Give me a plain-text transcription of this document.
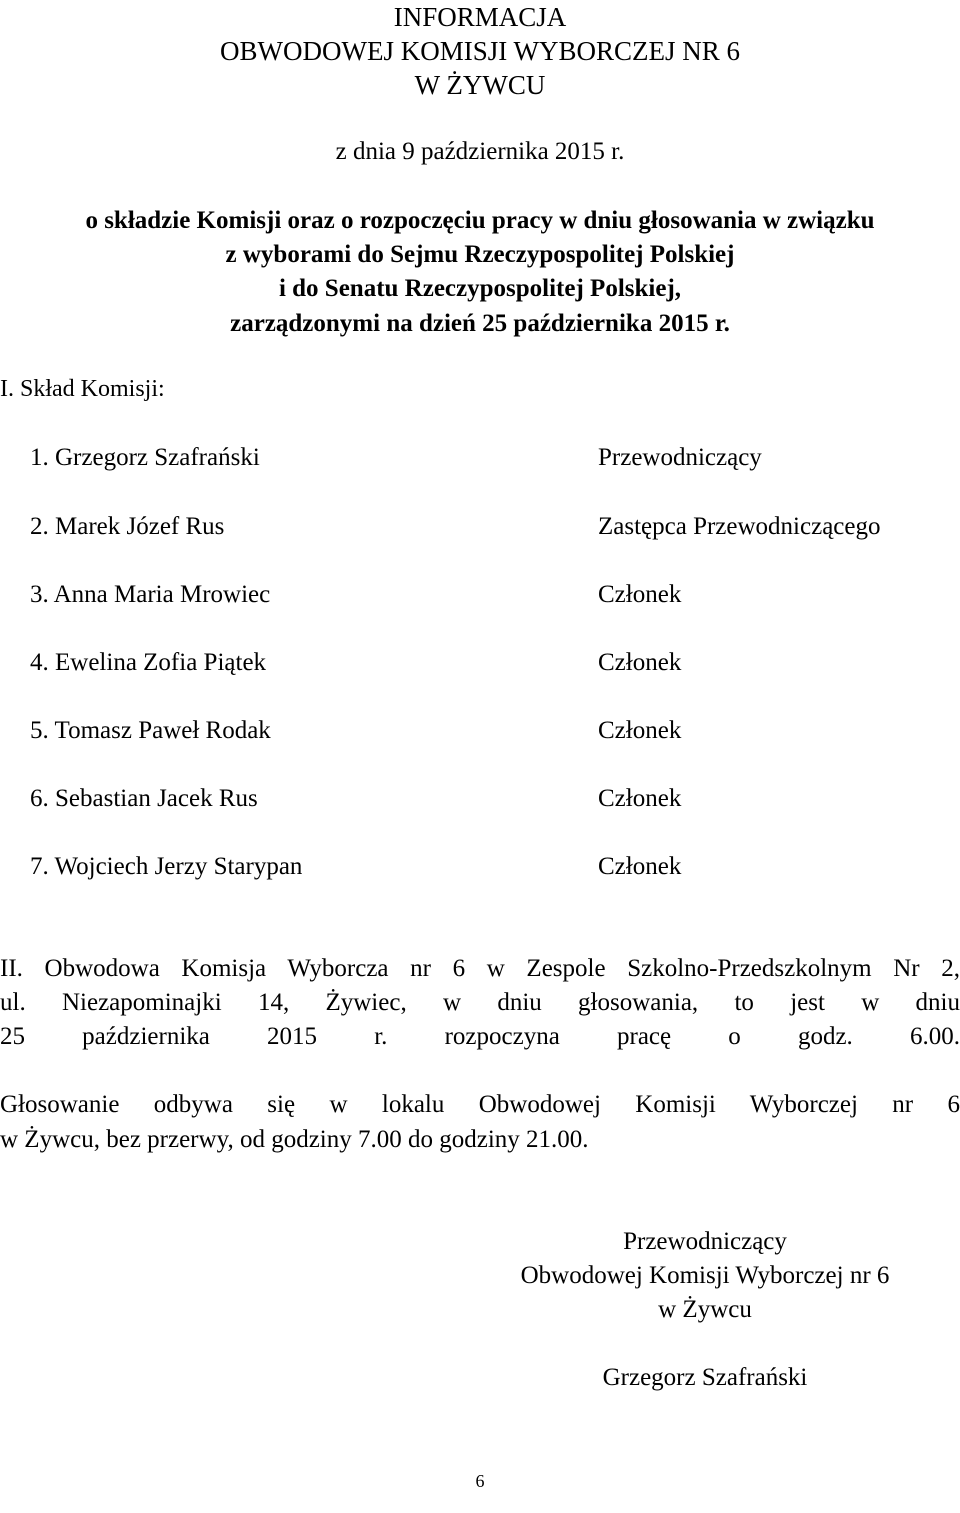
INFORMACJA
OBWODOWEJ KOMISJI WYBORCZEJ NR 6
W ŻYWCU
z dnia 9 października 2015 r.
o składzie Komisji oraz o rozpoczęciu pracy w dniu głosowania w związku
z wyborami do Sejmu Rzeczypospolitej Polskiej
i do Senatu Rzeczypospolitej Polskiej,
zarządzonymi na dzień 25 października 2015 r.
I. Skład Komisji:
1. Grzegorz Szafrański	Przewodniczący
2. Marek Józef Rus	Zastępca Przewodniczącego
3. Anna Maria Mrowiec	Członek
4. Ewelina Zofia Piątek	Członek
5. Tomasz Paweł Rodak	Członek
6. Sebastian Jacek Rus	Członek
7. Wojciech Jerzy Starypan	Członek
II. Obwodowa Komisja Wyborcza nr 6 w Zespole Szkolno-Przedszkolnym Nr 2,
ul. Niezapominajki 14, Żywiec, w dniu głosowania, to jest w dniu
25 października 2015 r. rozpoczyna pracę o godz. 6.00.
Głosowanie odbywa się w lokalu Obwodowej Komisji Wyborczej nr 6
w Żywcu, bez przerwy, od godziny 7.00 do godziny 21.00.
Przewodniczący
Obwodowej Komisji Wyborczej nr 6
w Żywcu
Grzegorz Szafrański
6
